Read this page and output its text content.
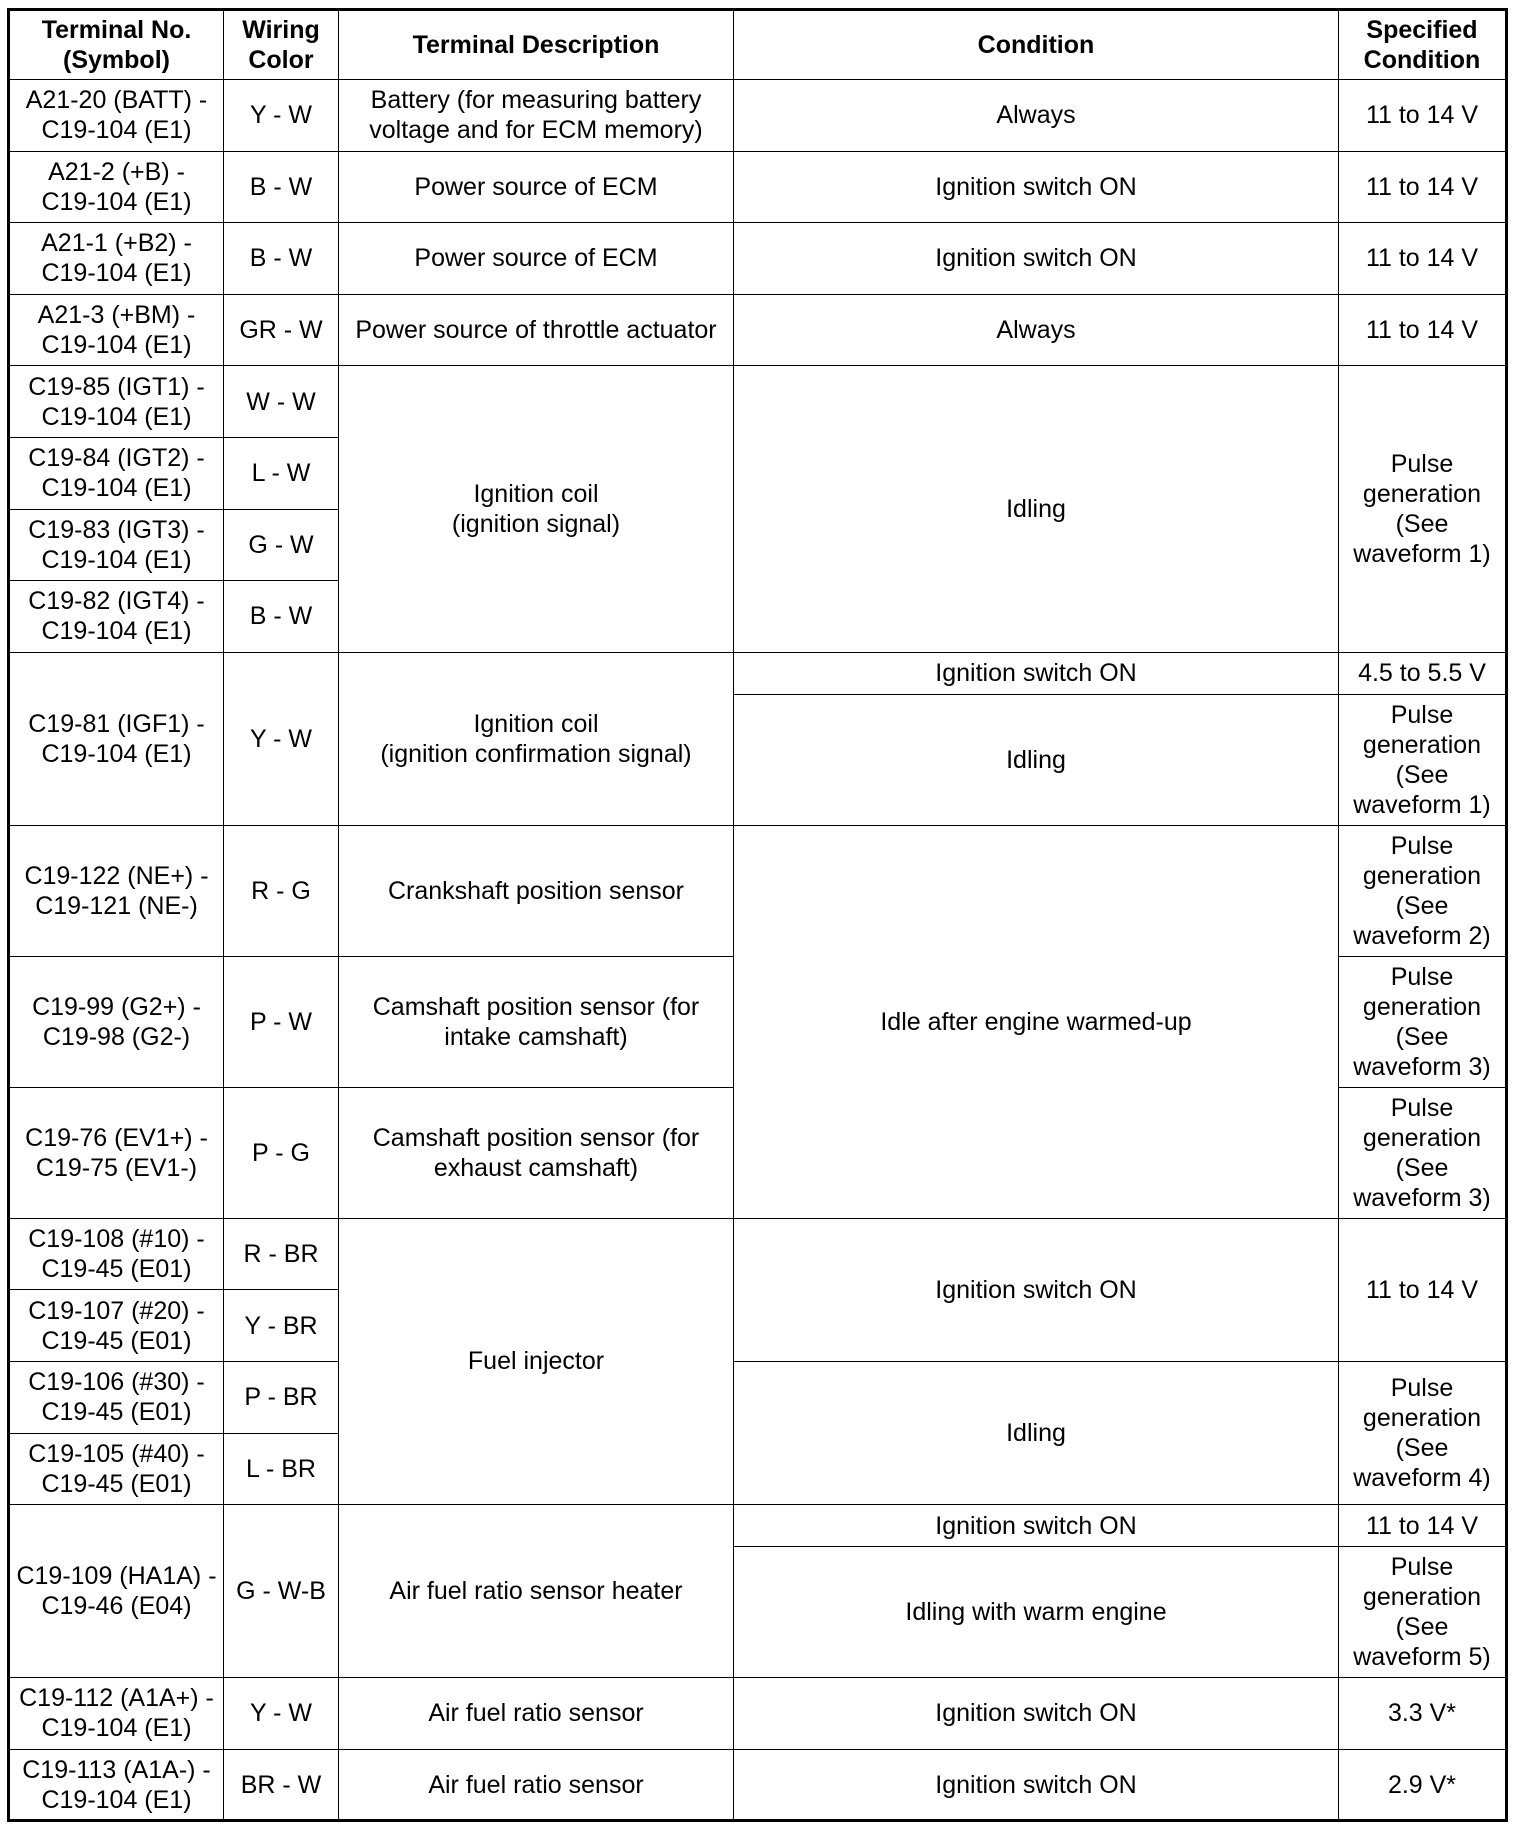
Terminal No.
(Symbol)	Wiring
Color	Terminal Description	Condition	Specified
Condition
A21-20 (BATT) -
C19-104 (E1)	Y - W	Battery (for measuring battery
voltage and for ECM memory)	Always	11 to 14 V
A21-2 (+B) -
C19-104 (E1)	B - W	Power source of ECM	Ignition switch ON	11 to 14 V
A21-1 (+B2) -
C19-104 (E1)	B - W	Power source of ECM	Ignition switch ON	11 to 14 V
A21-3 (+BM) -
C19-104 (E1)	GR - W	Power source of throttle actuator	Always	11 to 14 V
C19-85 (IGT1) -
C19-104 (E1)	W - W	Ignition coil
(ignition signal)	Idling	Pulse
generation
(See
waveform 1)
C19-84 (IGT2) -
C19-104 (E1)	L - W			
C19-83 (IGT3) -
C19-104 (E1)	G - W			
C19-82 (IGT4) -
C19-104 (E1)	B - W			
C19-81 (IGF1) -
C19-104 (E1)	Y - W	Ignition coil
(ignition confirmation signal)	Ignition switch ON	4.5 to 5.5 V
			Idling	Pulse
generation
(See
waveform 1)
C19-122 (NE+) -
C19-121 (NE-)	R - G	Crankshaft position sensor	Idle after engine warmed-up	Pulse
generation
(See
waveform 2)
C19-99 (G2+) -
C19-98 (G2-)	P - W	Camshaft position sensor (for
intake camshaft)		Pulse
generation
(See
waveform 3)
C19-76 (EV1+) -
C19-75 (EV1-)	P - G	Camshaft position sensor (for
exhaust camshaft)		Pulse
generation
(See
waveform 3)
C19-108 (#10) -
C19-45 (E01)	R - BR	Fuel injector	Ignition switch ON	11 to 14 V
C19-107 (#20) -
C19-45 (E01)	Y - BR			
C19-106 (#30) -
C19-45 (E01)	P - BR		Idling	Pulse
generation
(See
waveform 4)
C19-105 (#40) -
C19-45 (E01)	L - BR			
C19-109 (HA1A) -
C19-46 (E04)	G - W-B	Air fuel ratio sensor heater	Ignition switch ON	11 to 14 V
			Idling with warm engine	Pulse
generation
(See
waveform 5)
C19-112 (A1A+) -
C19-104 (E1)	Y - W	Air fuel ratio sensor	Ignition switch ON	3.3 V*
C19-113 (A1A-) -
C19-104 (E1)	BR - W	Air fuel ratio sensor	Ignition switch ON	2.9 V*
